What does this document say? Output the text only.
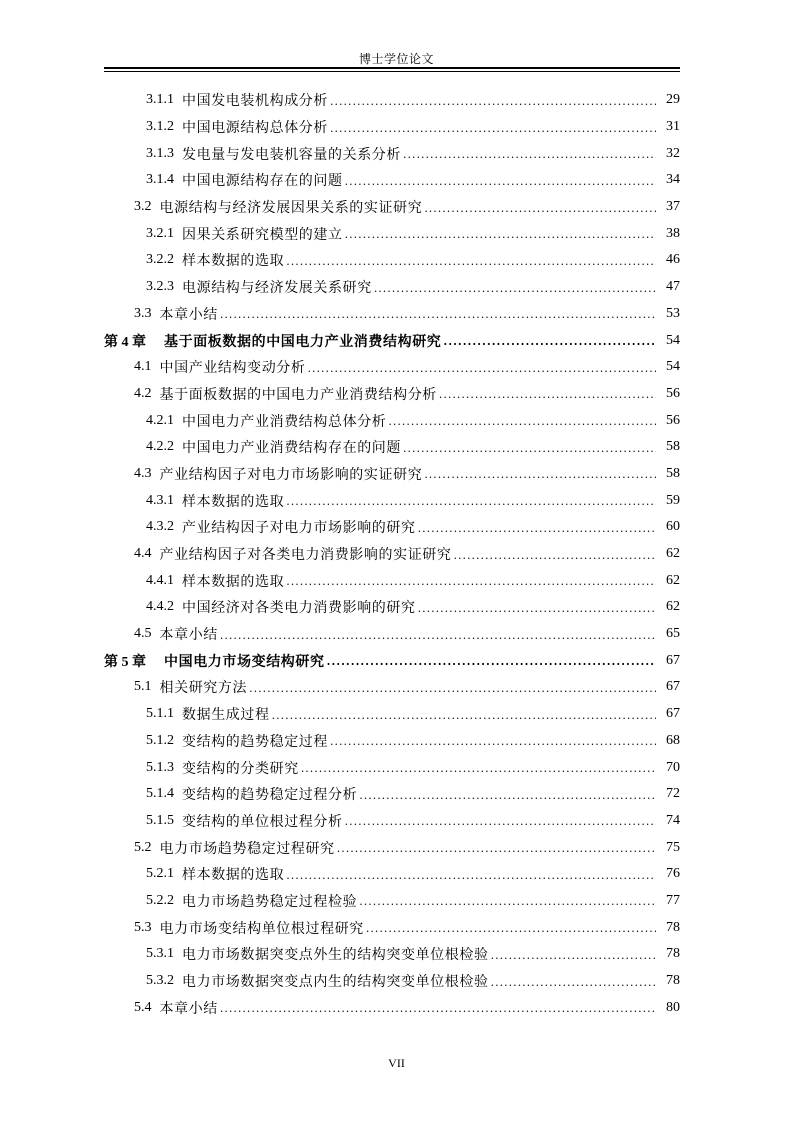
博士学位论文
3.1.1 中国发电装机构成分析 .....	29
3.1.2 中国电源结构总体分析 .....	31
3.1.3 发电量与发电装机容量的关系分析 .....	32
3.1.4 中国电源结构存在的问题 .....	34
3.2 电源结构与经济发展因果关系的实证研究 .....	37
3.2.1 因果关系研究模型的建立 .....	38
3.2.2 样本数据的选取 .....	46
3.2.3 电源结构与经济发展关系研究 .....	47
3.3 本章小结 .....	53
第 4 章 基于面板数据的中国电力产业消费结构研究 .....	54
4.1 中国产业结构变动分析 .....	54
4.2 基于面板数据的中国电力产业消费结构分析 .....	56
4.2.1 中国电力产业消费结构总体分析 .....	56
4.2.2 中国电力产业消费结构存在的问题 .....	58
4.3 产业结构因子对电力市场影响的实证研究 .....	58
4.3.1 样本数据的选取 .....	59
4.3.2 产业结构因子对电力市场影响的研究 .....	60
4.4 产业结构因子对各类电力消费影响的实证研究 .....	62
4.4.1 样本数据的选取 .....	62
4.4.2 中国经济对各类电力消费影响的研究 .....	62
4.5 本章小结 .....	65
第 5 章 中国电力市场变结构研究 .....	67
5.1 相关研究方法 .....	67
5.1.1 数据生成过程 .....	67
5.1.2 变结构的趋势稳定过程 .....	68
5.1.3 变结构的分类研究 .....	70
5.1.4 变结构的趋势稳定过程分析 .....	72
5.1.5 变结构的单位根过程分析 .....	74
5.2 电力市场趋势稳定过程研究 .....	75
5.2.1 样本数据的选取 .....	76
5.2.2 电力市场趋势稳定过程检验 .....	77
5.3 电力市场变结构单位根过程研究 .....	78
5.3.1 电力市场数据突变点外生的结构突变单位根检验 .....	78
5.3.2 电力市场数据突变点内生的结构突变单位根检验 .....	78
5.4 本章小结 .....	80
VII
